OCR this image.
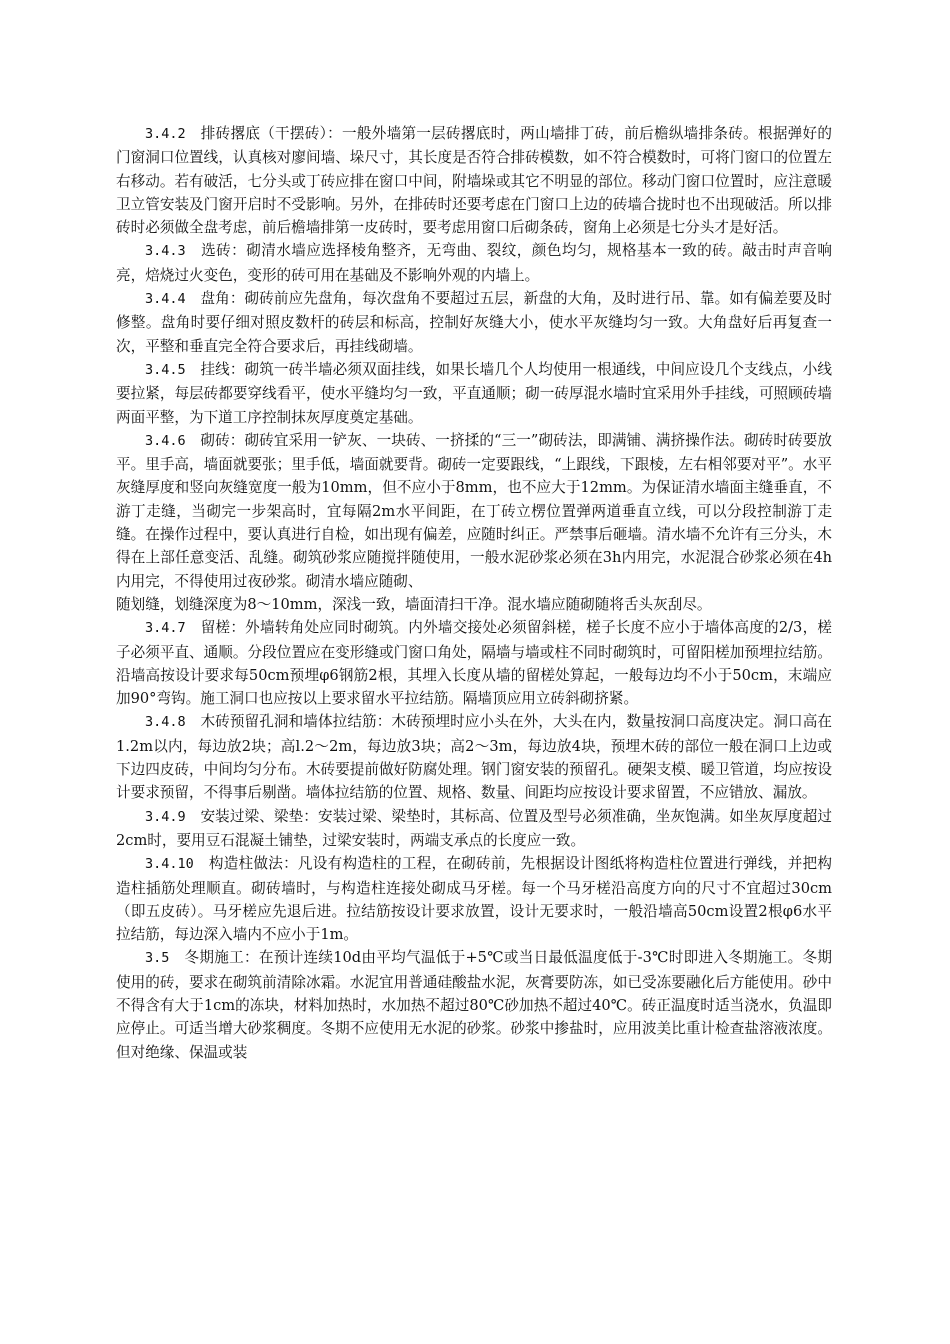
3.4.2　 排砖撂底（干摆砖）：一般外墙第一层砖撂底时，两山墙排丁砖，前后檐纵墙排条砖。根据弹好的门窗洞口位置线，认真核对廖间墙、垛尺寸，其长度是否符合排砖模数，如不符合模数时，可将门窗口的位置左右移动。若有破活，七分头或丁砖应排在窗口中间，附墙垛或其它不明显的部位。移动门窗口位置时，应注意暖卫立管安装及门窗开启时不受影响。另外，在排砖时还要考虑在门窗口上边的砖墙合拢时也不出现破活。所以排砖时必须做全盘考虑，前后檐墙排第一皮砖时，要考虑用窗口后砌条砖，窗角上必须是七分头才是好活。

3.4.3　 选砖：砌清水墙应选择棱角整齐，无弯曲、裂纹，颜色均匀，规格基本一致的砖。敲击时声音响亮，焙烧过火变色，变形的砖可用在基础及不影响外观的内墙上。

3.4.4　 盘角：砌砖前应先盘角，每次盘角不要超过五层，新盘的大角，及时进行吊、靠。如有偏差要及时修整。盘角时要仔细对照皮数杆的砖层和标高，控制好灰缝大小，使水平灰缝均匀一致。大角盘好后再复查一次，平整和垂直完全符合要求后，再挂线砌墙。

3.4.5　 挂线：砌筑一砖半墙必须双面挂线，如果长墙几个人均使用一根通线，中间应设几个支线点，小线要拉紧，每层砖都要穿线看平，使水平缝均匀一致，平直通顺；砌一砖厚混水墙时宜采用外手挂线，可照顾砖墙两面平整，为下道工序控制抹灰厚度奠定基础。

3.4.6　 砌砖：砌砖宜采用一铲灰、一块砖、一挤揉的“三一”砌砖法，即满铺、满挤操作法。砌砖时砖要放平。里手高，墙面就要张；里手低，墙面就要背。砌砖一定要跟线，“上跟线，下跟棱，左右相邻要对平”。水平灰缝厚度和竖向灰缝宽度一般为10mm，但不应小于8mm，也不应大于12mm。为保证清水墙面主缝垂直，不游丁走缝，当砌完一步架高时，宜每隔2m水平间距，在丁砖立楞位置弹两道垂直立线，可以分段控制游丁走缝。在操作过程中，要认真进行自检，如出现有偏差，应随时纠正。严禁事后砸墙。清水墙不允许有三分头，木得在上部任意变活、乱缝。砌筑砂浆应随搅拌随使用，一般水泥砂浆必须在3h内用完，水泥混合砂浆必须在4h内用完，不得使用过夜砂浆。砌清水墙应随砌、

随划缝，划缝深度为8～10mm，深浅一致，墙面清扫干净。混水墙应随砌随将舌头灰刮尽。

3.4.7　 留槎：外墙转角处应同时砌筑。内外墙交接处必须留斜槎，槎子长度不应小于墙体高度的2/3，槎子必须平直、通顺。分段位置应在变形缝或门窗口角处，隔墙与墙或柱不同时砌筑时，可留阳槎加预埋拉结筋。沿墙高按设计要求每50cm预埋φ6钢筋2根，其埋入长度从墙的留槎处算起，一般每边均不小于50cm，末端应加90°弯钩。施工洞口也应按以上要求留水平拉结筋。隔墙顶应用立砖斜砌挤紧。

3.4.8　 木砖预留孔洞和墙体拉结筋：木砖预埋时应小头在外，大头在内，数量按洞口高度决定。洞口高在1.2m以内，每边放2块；高l.2～2m，每边放3块；高2～3m，每边放4块，预埋木砖的部位一般在洞口上边或下边四皮砖，中间均匀分布。木砖要提前做好防腐处理。钢门窗安装的预留孔。硬架支模、暖卫管道，均应按设计要求预留，不得事后剔凿。墙体拉结筋的位置、规格、数量、间距均应按设计要求留置，不应错放、漏放。

3.4.9　 安装过梁、梁垫：安装过梁、梁垫时，其标高、位置及型号必须准确，坐灰饱满。如坐灰厚度超过2cm时，要用豆石混凝土铺垫，过梁安装时，两端支承点的长度应一致。

3.4.10　 构造柱做法：凡设有构造柱的工程，在砌砖前，先根据设计图纸将构造柱位置进行弹线，并把构造柱插筋处理顺直。砌砖墙时，与构造柱连接处砌成马牙槎。每一个马牙槎沿高度方向的尺寸不宜超过30cm（即五皮砖）。马牙槎应先退后进。拉结筋按设计要求放置，设计无要求时，一般沿墙高50cm设置2根φ6水平拉结筋，每边深入墙内不应小于1m。

3.5　 冬期施工：在预计连续10d由平均气温低于+5℃或当日最低温度低于-3℃时即进入冬期施工。冬期使用的砖，要求在砌筑前清除冰霜。水泥宜用普通硅酸盐水泥，灰膏要防冻，如已受冻要融化后方能使用。砂中不得含有大于1cm的冻块，材料加热时，水加热不超过80℃砂加热不超过40℃。砖正温度时适当浇水，负温即应停止。可适当增大砂浆稠度。冬期不应使用无水泥的砂浆。砂浆中掺盐时，应用波美比重计检查盐溶液浓度。但对绝缘、保温或装
